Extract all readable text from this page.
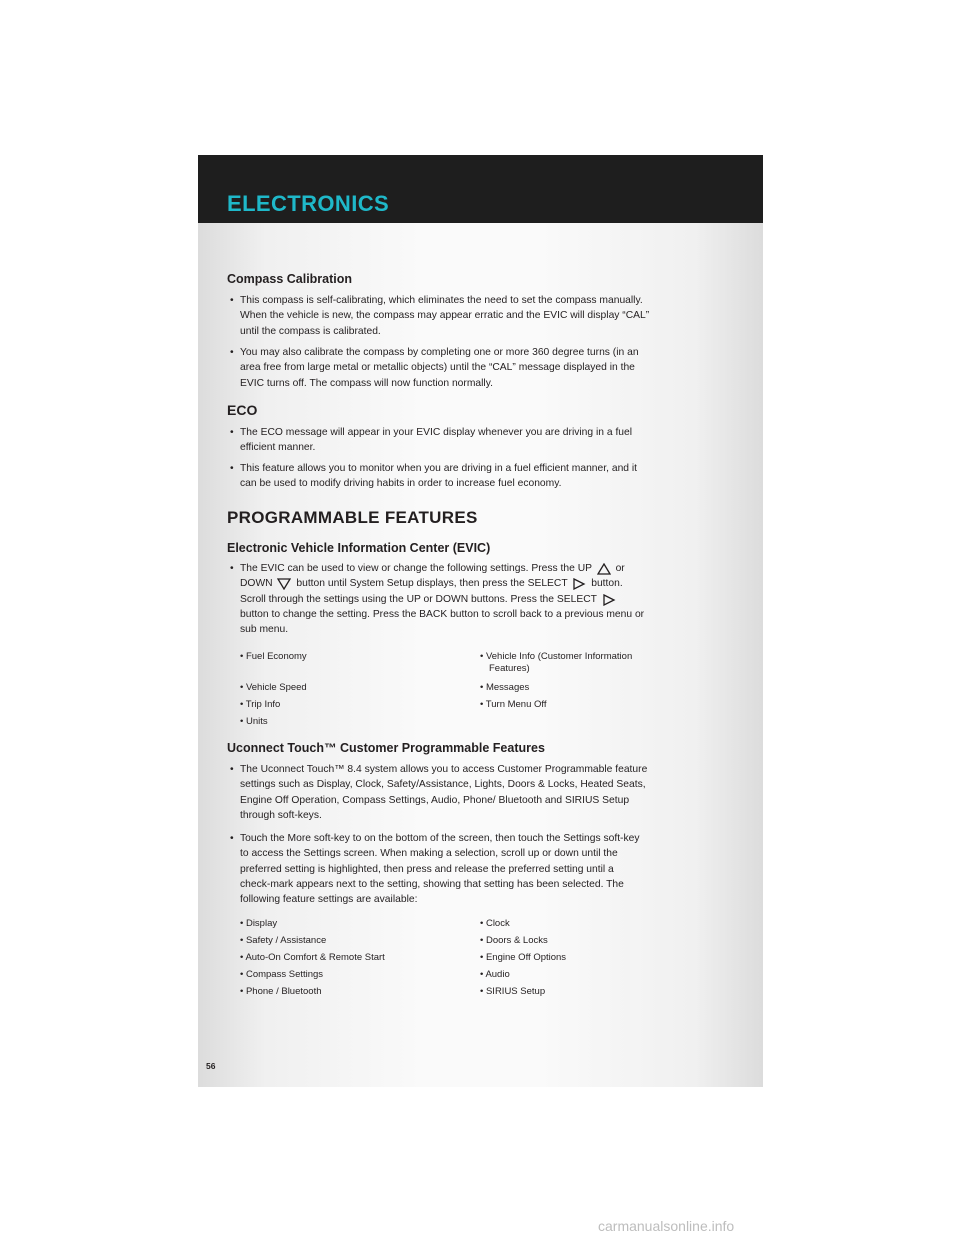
ELECTRONICS
Compass Calibration
• This compass is self-calibrating, which eliminates the need to set the compass manually.
When the vehicle is new, the compass may appear erratic and the EVIC will display “CAL”
until the compass is calibrated.
• You may also calibrate the compass by completing one or more 360 degree turns (in an
area free from large metal or metallic objects) until the “CAL” message displayed in the
EVIC turns off. The compass will now function normally.
ECO
• The ECO message will appear in your EVIC display whenever you are driving in a fuel
efficient manner.
• This feature allows you to monitor when you are driving in a fuel efficient manner, and it
can be used to modify driving habits in order to increase fuel economy.
PROGRAMMABLE FEATURES
Electronic Vehicle Information Center (EVIC)
• The EVIC can be used to view or change the following settings. Press the UP or
DOWN button until System Setup displays, then press the SELECT button.
Scroll through the settings using the UP or DOWN buttons. Press the SELECT
button to change the setting. Press the BACK button to scroll back to a previous menu or
sub menu.
• Fuel Economy
• Vehicle Speed
• Trip Info
• Units
• Vehicle Info (Customer Information
Features)
• Messages
• Turn Menu Off
Uconnect Touch™ Customer Programmable Features
• The Uconnect Touch™ 8.4 system allows you to access Customer Programmable feature
settings such as Display, Clock, Safety/Assistance, Lights, Doors & Locks, Heated Seats,
Engine Off Operation, Compass Settings, Audio, Phone/ Bluetooth and SIRIUS Setup
through soft-keys.
• Touch the More soft-key to on the bottom of the screen, then touch the Settings soft-key
to access the Settings screen. When making a selection, scroll up or down until the
preferred setting is highlighted, then press and release the preferred setting until a
check-mark appears next to the setting, showing that setting has been selected. The
following feature settings are available:
• Display
• Safety / Assistance
• Auto-On Comfort & Remote Start
• Compass Settings
• Phone / Bluetooth
• Clock
• Doors & Locks
• Engine Off Options
• Audio
• SIRIUS Setup
56
carmanualsonline.info
